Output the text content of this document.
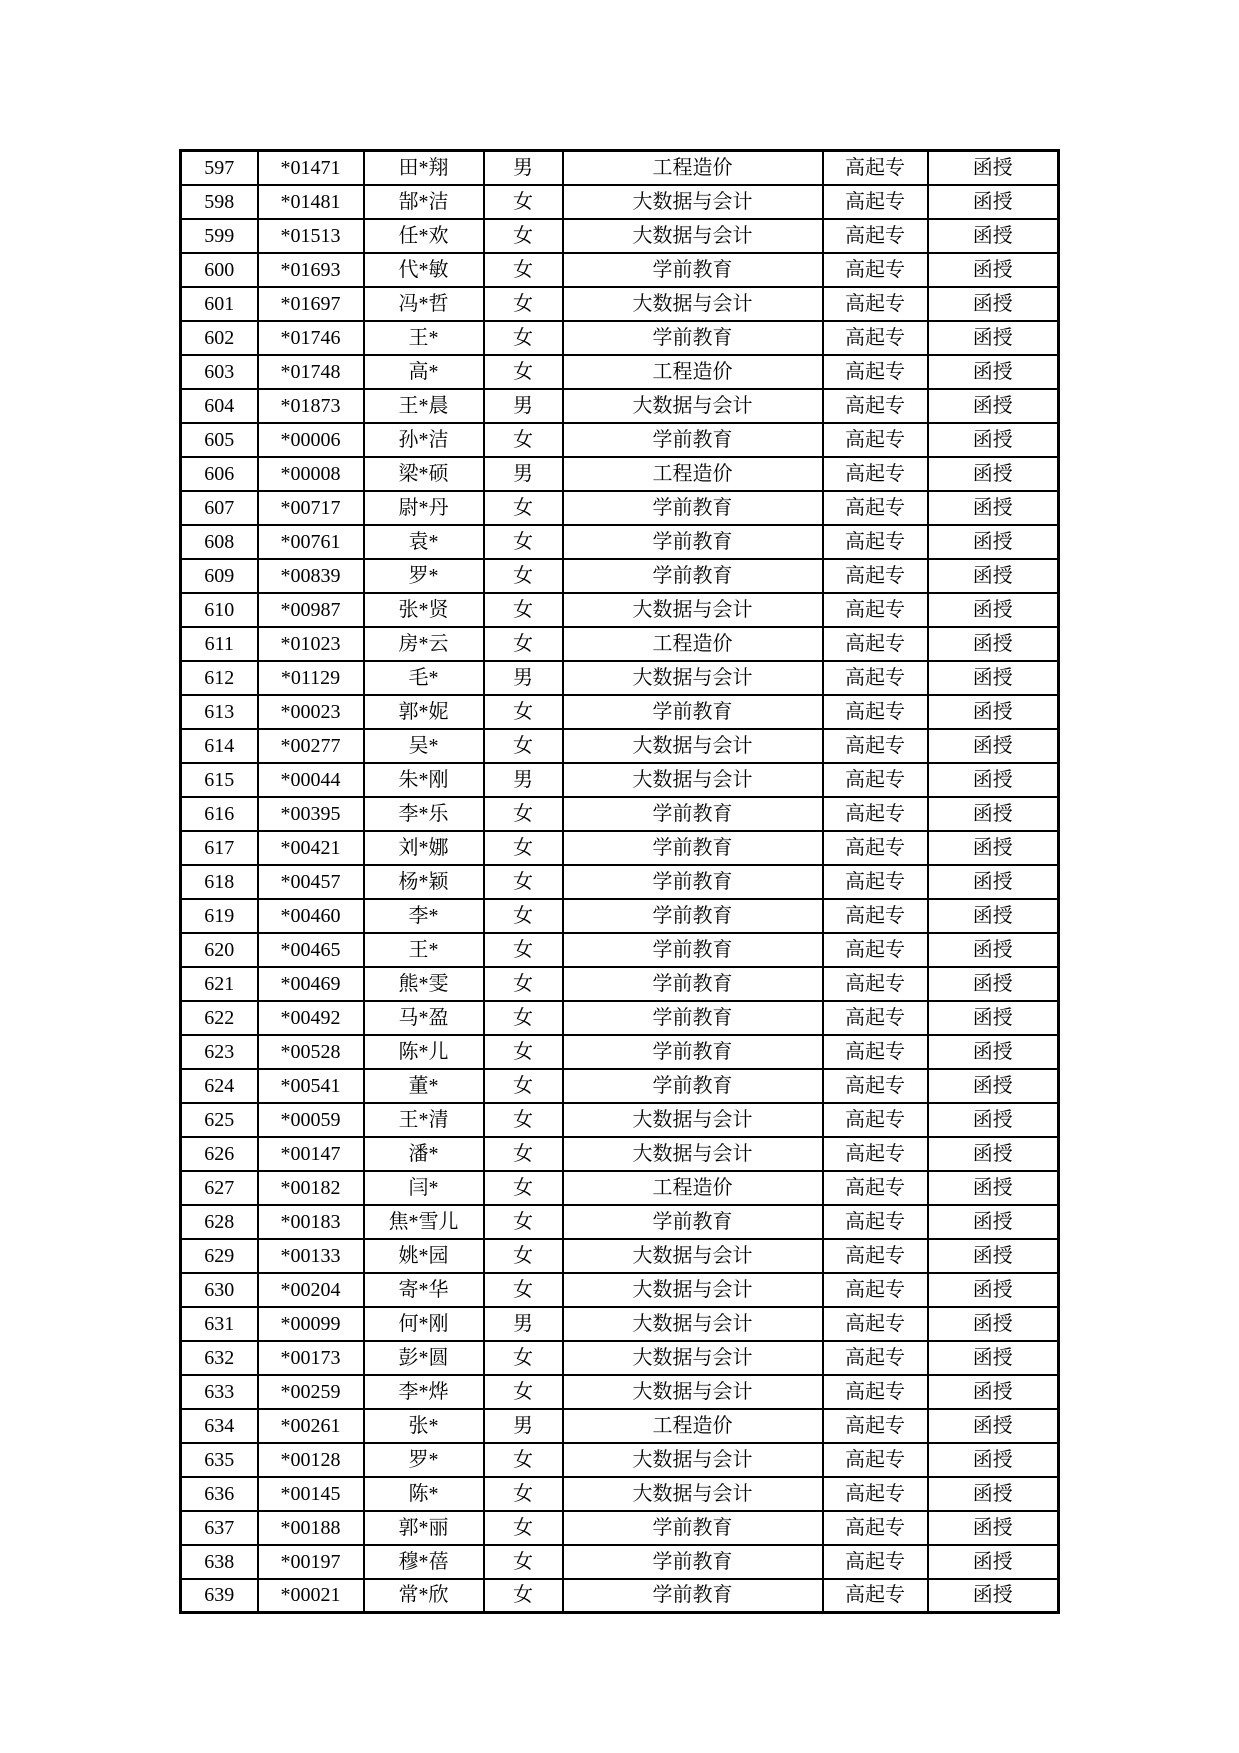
597	*01471	田*翔	男	工程造价	高起专	函授
598	*01481	郜*洁	女	大数据与会计	高起专	函授
599	*01513	任*欢	女	大数据与会计	高起专	函授
600	*01693	代*敏	女	学前教育	高起专	函授
601	*01697	冯*哲	女	大数据与会计	高起专	函授
602	*01746	王*	女	学前教育	高起专	函授
603	*01748	高*	女	工程造价	高起专	函授
604	*01873	王*晨	男	大数据与会计	高起专	函授
605	*00006	孙*洁	女	学前教育	高起专	函授
606	*00008	梁*硕	男	工程造价	高起专	函授
607	*00717	尉*丹	女	学前教育	高起专	函授
608	*00761	袁*	女	学前教育	高起专	函授
609	*00839	罗*	女	学前教育	高起专	函授
610	*00987	张*贤	女	大数据与会计	高起专	函授
611	*01023	房*云	女	工程造价	高起专	函授
612	*01129	毛*	男	大数据与会计	高起专	函授
613	*00023	郭*妮	女	学前教育	高起专	函授
614	*00277	吴*	女	大数据与会计	高起专	函授
615	*00044	朱*刚	男	大数据与会计	高起专	函授
616	*00395	李*乐	女	学前教育	高起专	函授
617	*00421	刘*娜	女	学前教育	高起专	函授
618	*00457	杨*颖	女	学前教育	高起专	函授
619	*00460	李*	女	学前教育	高起专	函授
620	*00465	王*	女	学前教育	高起专	函授
621	*00469	熊*雯	女	学前教育	高起专	函授
622	*00492	马*盈	女	学前教育	高起专	函授
623	*00528	陈*儿	女	学前教育	高起专	函授
624	*00541	董*	女	学前教育	高起专	函授
625	*00059	王*清	女	大数据与会计	高起专	函授
626	*00147	潘*	女	大数据与会计	高起专	函授
627	*00182	闫*	女	工程造价	高起专	函授
628	*00183	焦*雪儿	女	学前教育	高起专	函授
629	*00133	姚*园	女	大数据与会计	高起专	函授
630	*00204	寄*华	女	大数据与会计	高起专	函授
631	*00099	何*刚	男	大数据与会计	高起专	函授
632	*00173	彭*圆	女	大数据与会计	高起专	函授
633	*00259	李*烨	女	大数据与会计	高起专	函授
634	*00261	张*	男	工程造价	高起专	函授
635	*00128	罗*	女	大数据与会计	高起专	函授
636	*00145	陈*	女	大数据与会计	高起专	函授
637	*00188	郭*丽	女	学前教育	高起专	函授
638	*00197	穆*蓓	女	学前教育	高起专	函授
639	*00021	常*欣	女	学前教育	高起专	函授
